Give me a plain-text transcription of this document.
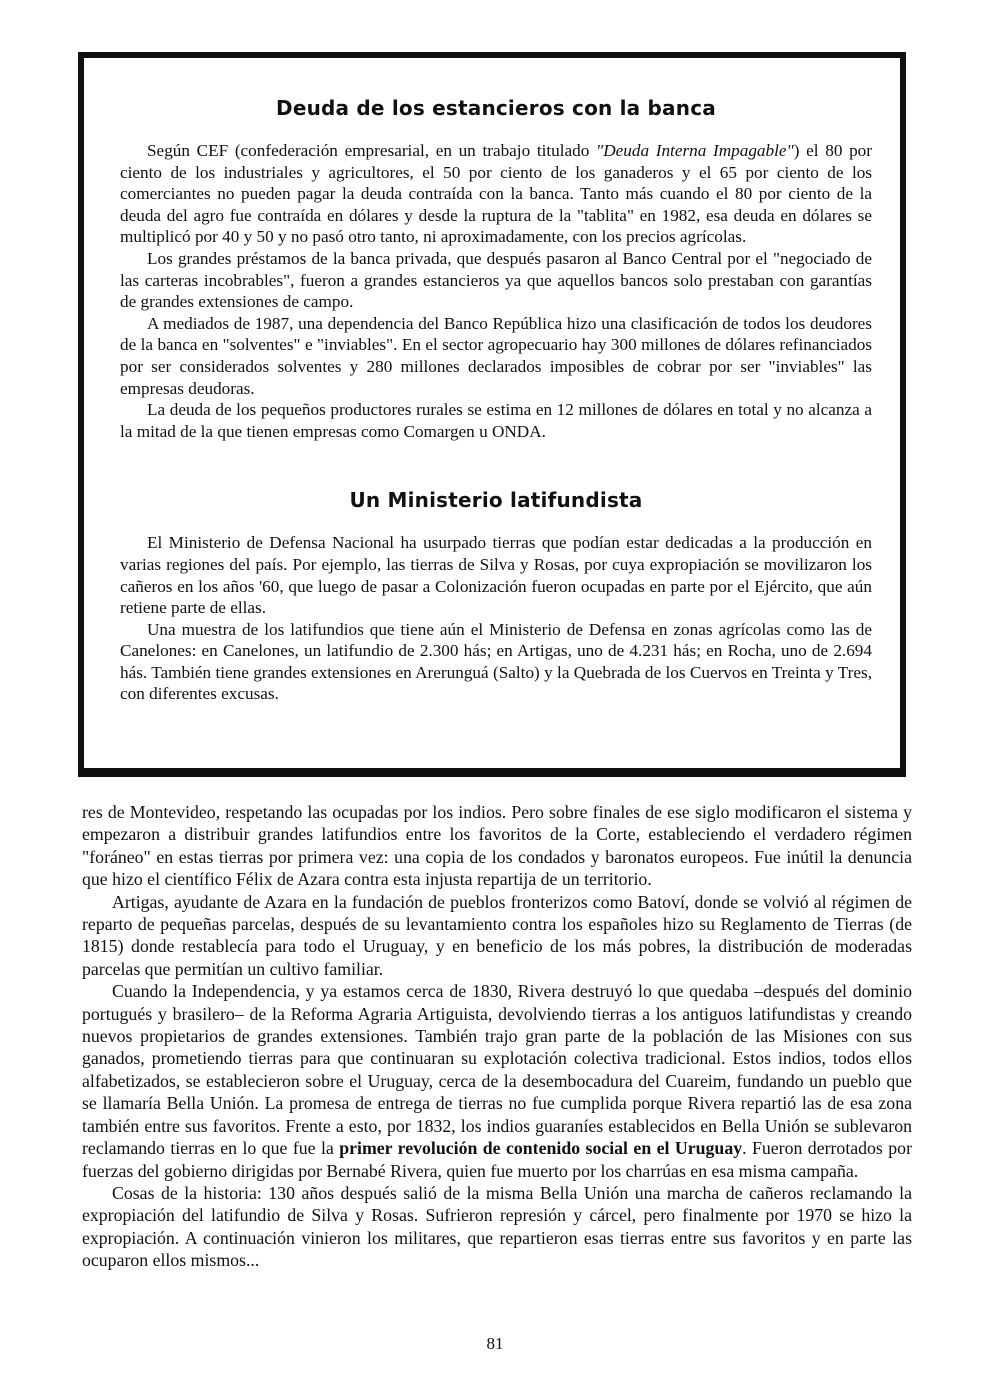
Deuda de los estancieros con la banca

Según CEF (confederación empresarial, en un trabajo titulado "Deuda Interna Impagable") el 80 por ciento de los industriales y agricultores, el 50 por ciento de los ganaderos y el 65 por ciento de los comerciantes no pueden pagar la deuda contraída con la banca. Tanto más cuando el 80 por ciento de la deuda del agro fue contraída en dólares y desde la ruptura de la "tablita" en 1982, esa deuda en dólares se multiplicó por 40 y 50 y no pasó otro tanto, ni aproximadamente, con los precios agrícolas.

Los grandes préstamos de la banca privada, que después pasaron al Banco Central por el "negociado de las carteras incobrables", fueron a grandes estancieros ya que aquellos bancos solo prestaban con garantías de grandes extensiones de campo.

A mediados de 1987, una dependencia del Banco República hizo una clasificación de todos los deudores de la banca en "solventes" e "inviables". En el sector agropecuario hay 300 millones de dólares refinanciados por ser considerados solventes y 280 millones declarados imposibles de cobrar por ser "inviables" las empresas deudoras.

La deuda de los pequeños productores rurales se estima en 12 millones de dólares en total y no alcanza a la mitad de la que tienen empresas como Comargen u ONDA.

Un Ministerio latifundista

El Ministerio de Defensa Nacional ha usurpado tierras que podían estar dedicadas a la producción en varias regiones del país. Por ejemplo, las tierras de Silva y Rosas, por cuya expropiación se movilizaron los cañeros en los años '60, que luego de pasar a Colonización fueron ocupadas en parte por el Ejército, que aún retiene parte de ellas.

Una muestra de los latifundios que tiene aún el Ministerio de Defensa en zonas agrícolas como las de Canelones: en Canelones, un latifundio de 2.300 hás; en Artigas, uno de 4.231 hás; en Rocha, uno de 2.694 hás. También tiene grandes extensiones en Arerunguá (Salto) y la Quebrada de los Cuervos en Treinta y Tres, con diferentes excusas.

res de Montevideo, respetando las ocupadas por los indios. Pero sobre finales de ese siglo modificaron el sistema y empezaron a distribuir grandes latifundios entre los favoritos de la Corte, estableciendo el verdadero régimen "foráneo" en estas tierras por primera vez: una copia de los condados y baronatos europeos. Fue inútil la denuncia que hizo el científico Félix de Azara contra esta injusta repartija de un territorio.

Artigas, ayudante de Azara en la fundación de pueblos fronterizos como Batoví, donde se volvió al régimen de reparto de pequeñas parcelas, después de su levantamiento contra los españoles hizo su Reglamento de Tierras (de 1815) donde restablecía para todo el Uruguay, y en beneficio de los más pobres, la distribución de moderadas parcelas que permitían un cultivo familiar.

Cuando la Independencia, y ya estamos cerca de 1830, Rivera destruyó lo que quedaba –después del dominio portugués y brasilero– de la Reforma Agraria Artiguista, devolviendo tierras a los antiguos latifundistas y creando nuevos propietarios de grandes extensiones. También trajo gran parte de la población de las Misiones con sus ganados, prometiendo tierras para que continuaran su explotación colectiva tradicional. Estos indios, todos ellos alfabetizados, se establecieron sobre el Uruguay, cerca de la desembocadura del Cuareim, fundando un pueblo que se llamaría Bella Unión. La promesa de entrega de tierras no fue cumplida porque Rivera repartió las de esa zona también entre sus favoritos. Frente a esto, por 1832, los indios guaraníes establecidos en Bella Unión se sublevaron reclamando tierras en lo que fue la primer revolución de contenido social en el Uruguay. Fueron derrotados por fuerzas del gobierno dirigidas por Bernabé Rivera, quien fue muerto por los charrúas en esa misma campaña.

Cosas de la historia: 130 años después salió de la misma Bella Unión una marcha de cañeros reclamando la expropiación del latifundio de Silva y Rosas. Sufrieron represión y cárcel, pero finalmente por 1970 se hizo la expropiación. A continuación vinieron los militares, que repartieron esas tierras entre sus favoritos y en parte las ocuparon ellos mismos...

81
